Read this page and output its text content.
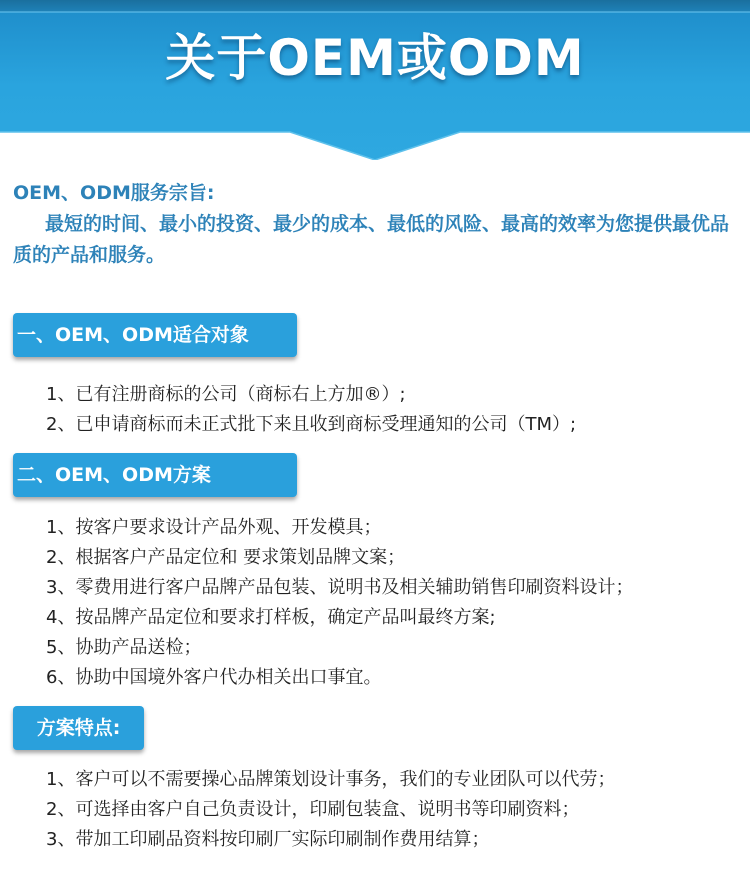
关于OEM或ODM

OEM、ODM服务宗旨:

最短的时间、最小的投资、最少的成本、最低的风险、最高的效率为您提供最优品质的产品和服务。

一、OEM、ODM适合对象
1、已有注册商标的公司（商标右上方加®）;
2、已申请商标而未正式批下来且收到商标受理通知的公司（TM）;
二、OEM、ODM方案
1、按客户要求设计产品外观、开发模具；
2、根据客户产品定位和 要求策划品牌文案；
3、零费用进行客户品牌产品包装、说明书及相关辅助销售印刷资料设计；
4、按品牌产品定位和要求打样板，确定产品叫最终方案;
5、协助产品送检；
6、协助中国境外客户代办相关出口事宜。
方案特点:
1、客户可以不需要操心品牌策划设计事务，我们的专业团队可以代劳；
2、可选择由客户自己负责设计，印刷包装盒、说明书等印刷资料；
3、带加工印刷品资料按印刷厂实际印刷制作费用结算；
